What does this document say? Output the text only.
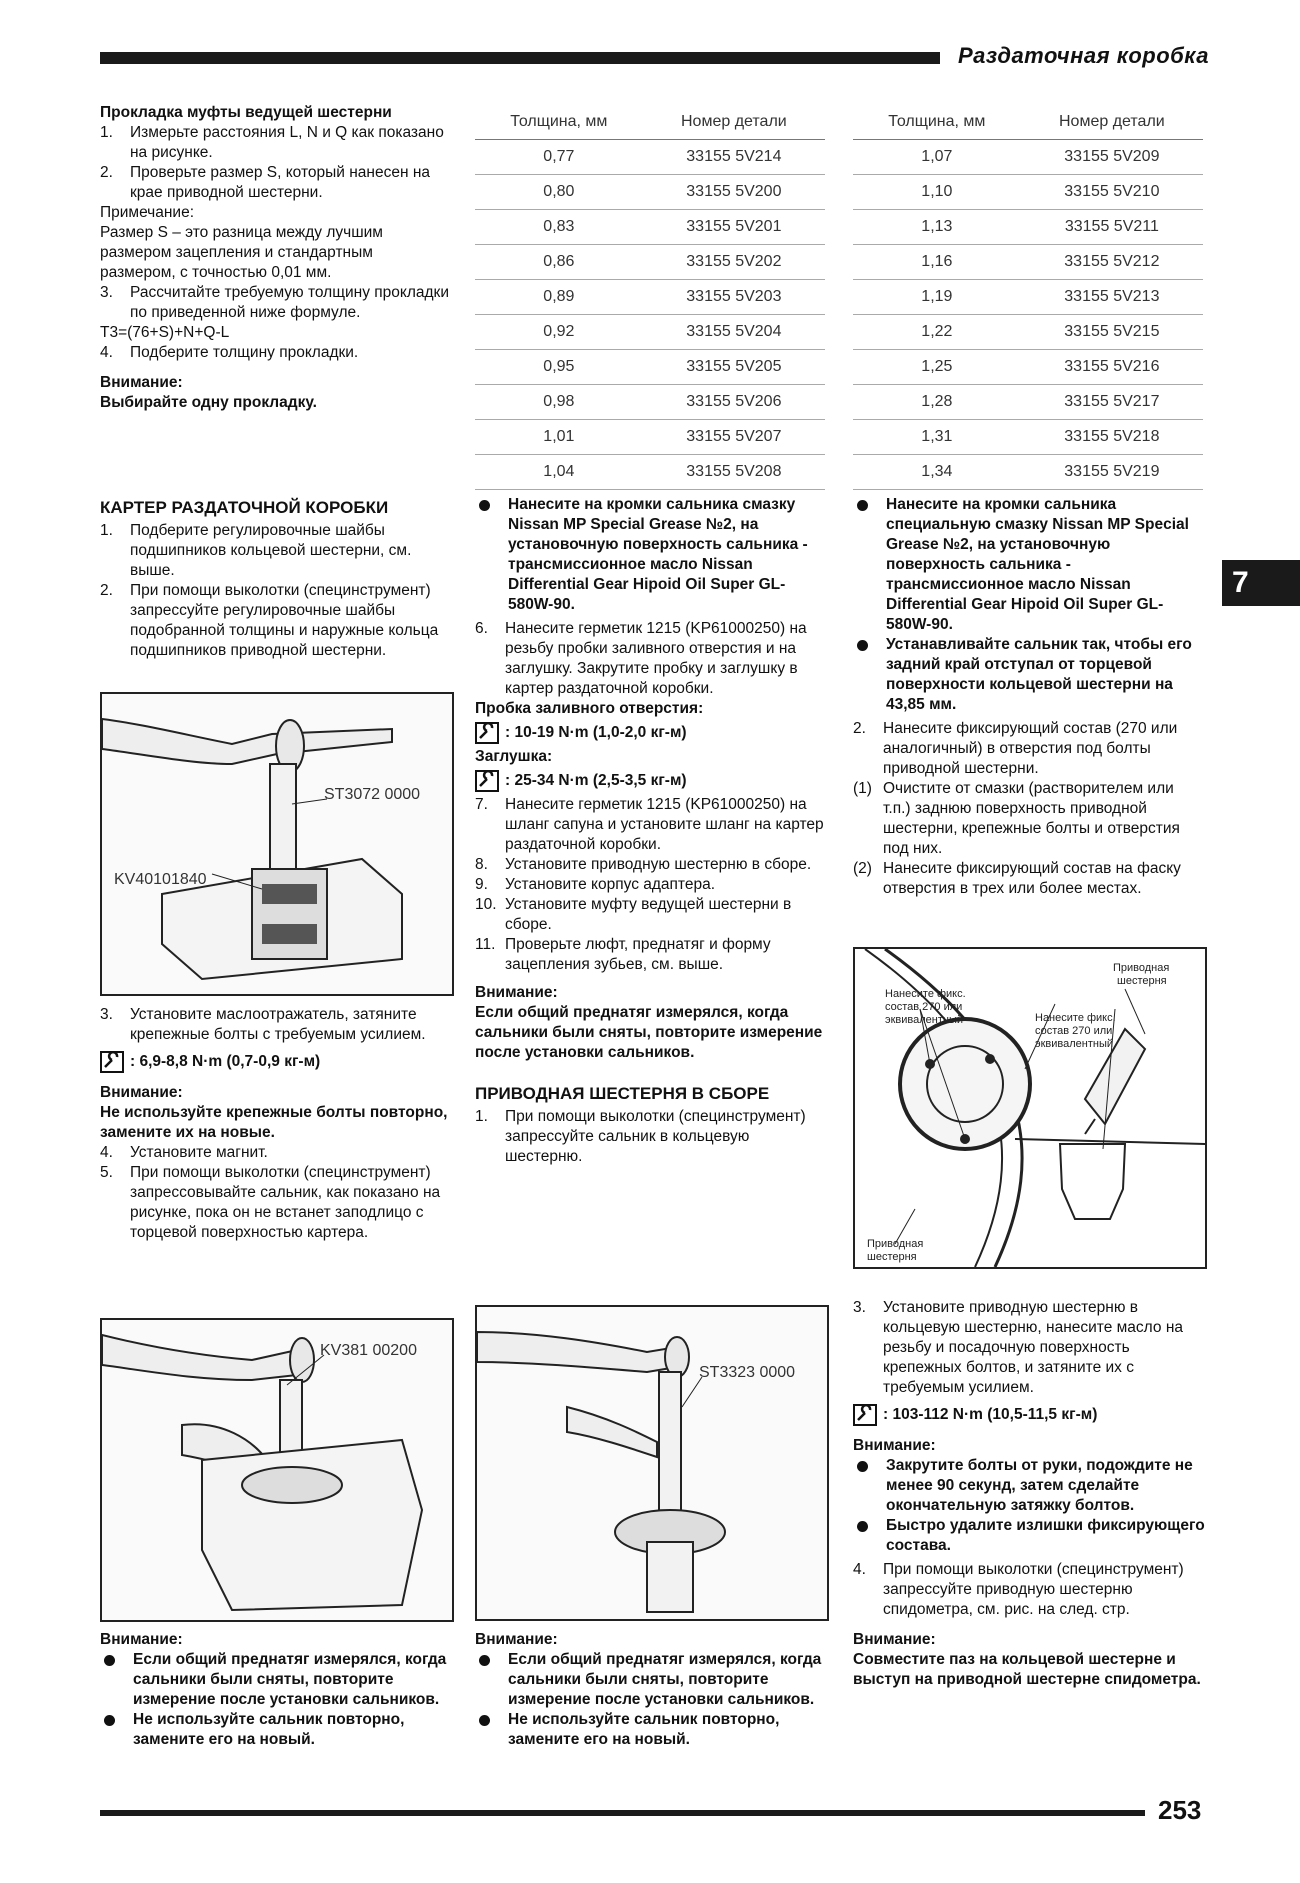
Раздаточная коробка
7

Прокладка муфты ведущей шестерни

1. Измерьте расстояния L, N и Q как показано на рисунке.
2. Проверьте размер S, который нанесен на крае приводной шестерни.

Примечание:

Размер S – это разница между лучшим размером зацепления и стандартным размером, с точностью 0,01 мм.

3. Рассчитайте требуемую толщину прокладки по приведенной ниже формуле.

T3=(76+S)+N+Q-L

4. Подберите толщину прокладки.

Внимание:

Выбирайте одну прокладку.

Толщина, мм	Номер детали
0,77	33155 5V214
0,80	33155 5V200
0,83	33155 5V201
0,86	33155 5V202
0,89	33155 5V203
0,92	33155 5V204
0,95	33155 5V205
0,98	33155 5V206
1,01	33155 5V207
1,04	33155 5V208
Толщина, мм	Номер детали
1,07	33155 5V209
1,10	33155 5V210
1,13	33155 5V211
1,16	33155 5V212
1,19	33155 5V213
1,22	33155 5V215
1,25	33155 5V216
1,28	33155 5V217
1,31	33155 5V218
1,34	33155 5V219

КАРТЕР РАЗДАТОЧНОЙ КОРОБКИ

1. Подберите регулировочные шайбы подшипников кольцевой шестерни, см. выше.
2. При помощи выколотки (специнструмент) запрессуйте регулировочные шайбы подобранной толщины и наружные кольца подшипников приводной шестерни.
ST3072 0000
KV40101840
3. Установите маслоотражатель, затяните крепежные болты с требуемым усилием.
: 6,9-8,8 N·m (0,7-0,9 кг-м)

Внимание:

Не используйте крепежные болты повторно, замените их на новые.

4. Установите магнит.
5. При помощи выколотки (специнструмент) запрессовывайте сальник, как показано на рисунке, пока он не встанет заподлицо с торцевой поверхностью картера.
KV381 00200

Внимание:

Если общий преднатяг измерялся, когда сальники были сняты, повторите измерение после установки сальников.
Не используйте сальник повторно, замените его на новый.
Нанесите на кромки сальника смазку Nissan MP Special Grease №2, на установочную поверхность сальника - трансмиссионное масло Nissan Differential Gear Hipoid Oil Super GL-580W-90.
6. Нанесите герметик 1215 (KP61000250) на резьбу пробки заливного отверстия и на заглушку. Закрутите пробку и заглушку в картер раздаточной коробки.

Пробка заливного отверстия:

: 10-19 N·m (1,0-2,0 кг-м)

Заглушка:

: 25-34 N·m (2,5-3,5 кг-м)
7. Нанесите герметик 1215 (KP61000250) на шланг сапуна и установите шланг на картер раздаточной коробки.
8. Установите приводную шестерню в сборе.
9. Установите корпус адаптера.
10. Установите муфту ведущей шестерни в сборе.
11. Проверьте люфт, преднатяг и форму зацепления зубьев, см. выше.

Внимание:

Если общий преднатяг измерялся, когда сальники были сняты, повторите измерение после установки сальников.

ПРИВОДНАЯ ШЕСТЕРНЯ В СБОРЕ

1. При помощи выколотки (специнструмент) запрессуйте сальник в кольцевую шестерню.
ST3323 0000

Внимание:

Если общий преднатяг измерялся, когда сальники были сняты, повторите измерение после установки сальников.
Не используйте сальник повторно, замените его на новый.
Нанесите на кромки сальника специальную смазку Nissan MP Special Grease №2, на установочную поверхность сальника - трансмиссионное масло Nissan Differential Gear Hipoid Oil Super GL-580W-90.
Устанавливайте сальник так, чтобы его задний край отступал от торцевой поверхности кольцевой шестерни на 43,85 мм.
2. Нанесите фиксирующий состав (270 или аналогичный) в отверстия под болты приводной шестерни.
(1) Очистите от смазки (растворителем или т.п.) заднюю поверхность приводной шестерни, крепежные болты и отверстия под них.
(2) Нанесите фиксирующий состав на фаску отверстия в трех или более местах.
Приводная
шестерня
Нанесите фикс.
состав 270 или
эквивалентный	Нанесите фикс.
состав 270 или
эквивалентный
Приводная
шестерня
3. Установите приводную шестерню в кольцевую шестерню, нанесите масло на резьбу и посадочную поверхность крепежных болтов, и затяните их с требуемым усилием.
: 103-112 N·m (10,5-11,5 кг-м)

Внимание:

Закрутите болты от руки, подождите не менее 90 секунд, затем сделайте окончательную затяжку болтов.
Быстро удалите излишки фиксирующего состава.
4. При помощи выколотки (специнструмент) запрессуйте приводную шестерню спидометра, см. рис. на след. стр.

Внимание:

Совместите паз на кольцевой шестерне и выступ на приводной шестерне спидометра.

253
